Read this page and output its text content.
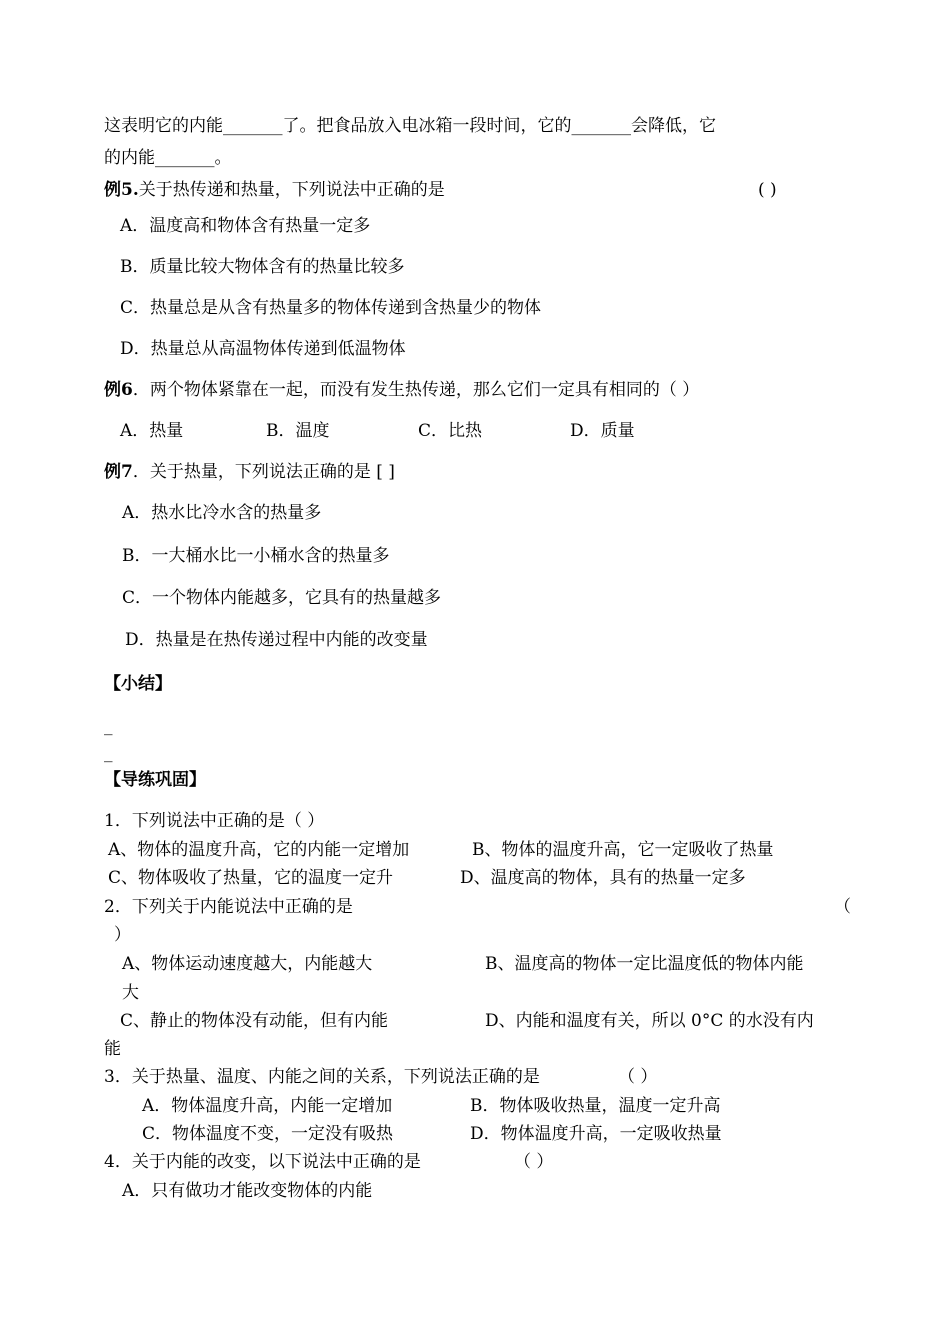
这表明它的内能_______了。把食品放入电冰箱一段时间，它的_______会降低，它
的内能_______。
例5.关于热传递和热量，下列说法中正确的是	( )
A．温度高和物体含有热量一定多
B．质量比较大物体含有的热量比较多
C．热量总是从含有热量多的物体传递到含热量少的物体
D．热量总从高温物体传递到低温物体
例6．两个物体紧靠在一起，而没有发生热传递，那么它们一定具有相同的（ ）
A．热量	B．温度	C．比热	D．质量
例7．关于热量，下列说法正确的是 [ ]
A．热水比冷水含的热量多
B．一大桶水比一小桶水含的热量多
C．一个物体内能越多，它具有的热量越多
D．热量是在热传递过程中内能的改变量
【小结】
_
_
【导练巩固】
1．下列说法中正确的是（ ）
A、物体的温度升高，它的内能一定增加	B、物体的温度升高，它一定吸收了热量
C、物体吸收了热量，它的温度一定升	D、温度高的物体，具有的热量一定多
2．下列关于内能说法中正确的是	（
）
A、物体运动速度越大，内能越大	B、温度高的物体一定比温度低的物体内能
大
C、静止的物体没有动能，但有内能	D、内能和温度有关，所以 0°C 的水没有内
能
3．关于热量、温度、内能之间的关系，下列说法正确的是	（ ）
A．物体温度升高，内能一定增加	B．物体吸收热量，温度一定升高
C．物体温度不变，一定没有吸热	D．物体温度升高，一定吸收热量
4．关于内能的改变，以下说法中正确的是	（ ）
A．只有做功才能改变物体的内能
